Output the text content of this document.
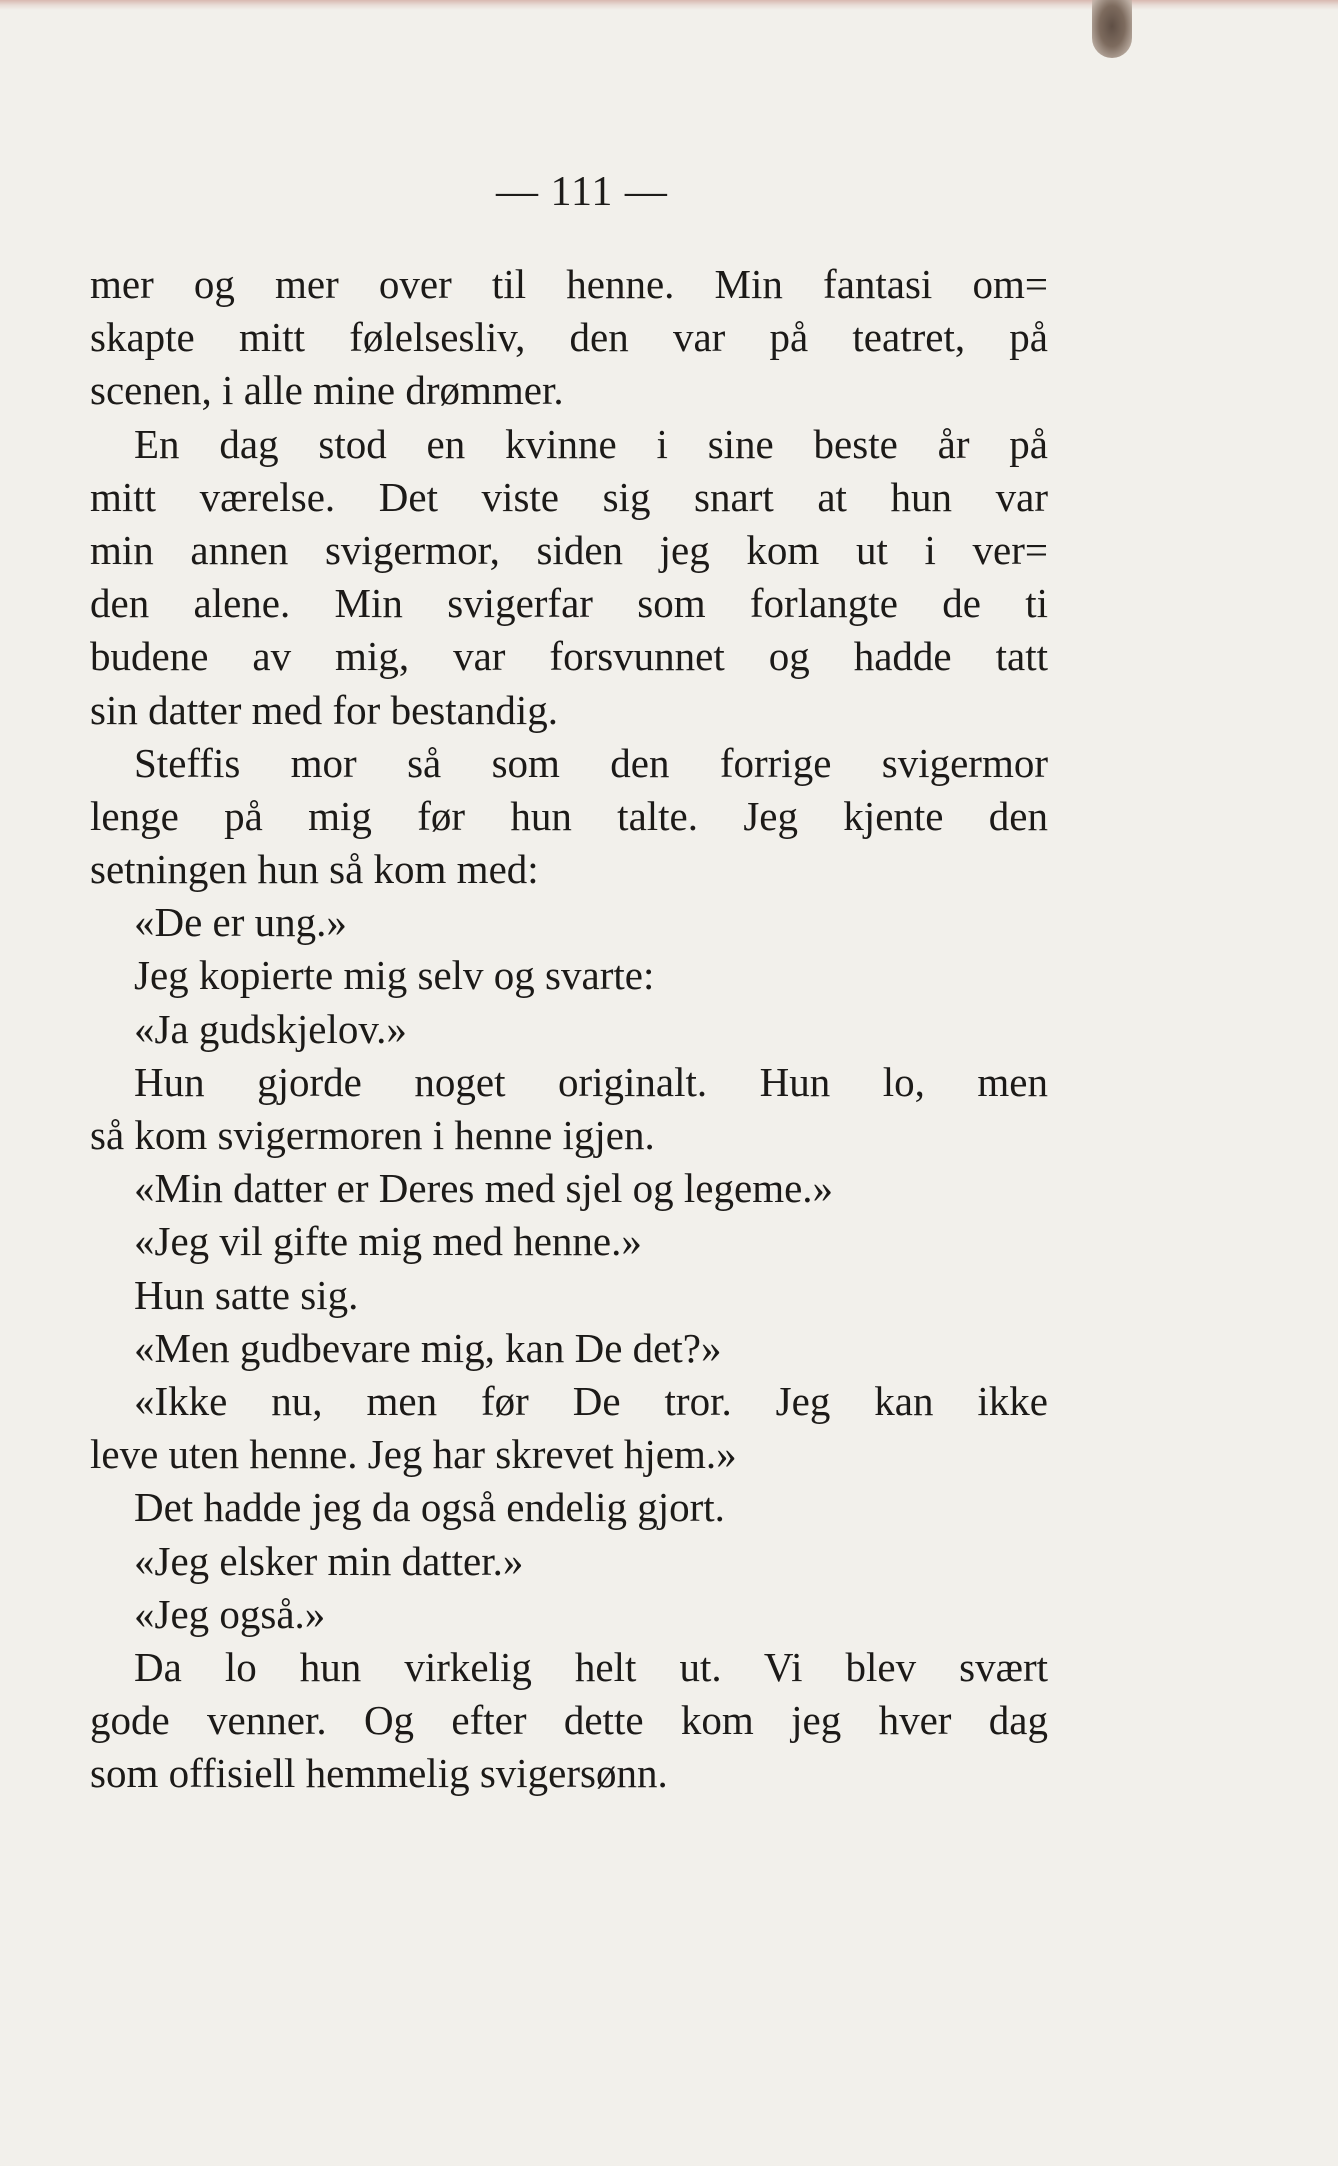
— 111 —
mer og mer over til henne. Min fantasi om=
skapte mitt følelsesliv, den var på teatret, på
scenen, i alle mine drømmer.
En dag stod en kvinne i sine beste år på
mitt værelse. Det viste sig snart at hun var
min annen svigermor, siden jeg kom ut i ver=
den alene. Min svigerfar som forlangte de ti
budene av mig, var forsvunnet og hadde tatt
sin datter med for bestandig.
Steffis mor så som den forrige svigermor
lenge på mig før hun talte. Jeg kjente den
setningen hun så kom med:
«De er ung.»
Jeg kopierte mig selv og svarte:
«Ja gudskjelov.»
Hun gjorde noget originalt. Hun lo, men
så kom svigermoren i henne igjen.
«Min datter er Deres med sjel og legeme.»
«Jeg vil gifte mig med henne.»
Hun satte sig.
«Men gudbevare mig, kan De det?»
«Ikke nu, men før De tror. Jeg kan ikke
leve uten henne. Jeg har skrevet hjem.»
Det hadde jeg da også endelig gjort.
«Jeg elsker min datter.»
«Jeg også.»
Da lo hun virkelig helt ut. Vi blev svært
gode venner. Og efter dette kom jeg hver dag
som offisiell hemmelig svigersønn.
